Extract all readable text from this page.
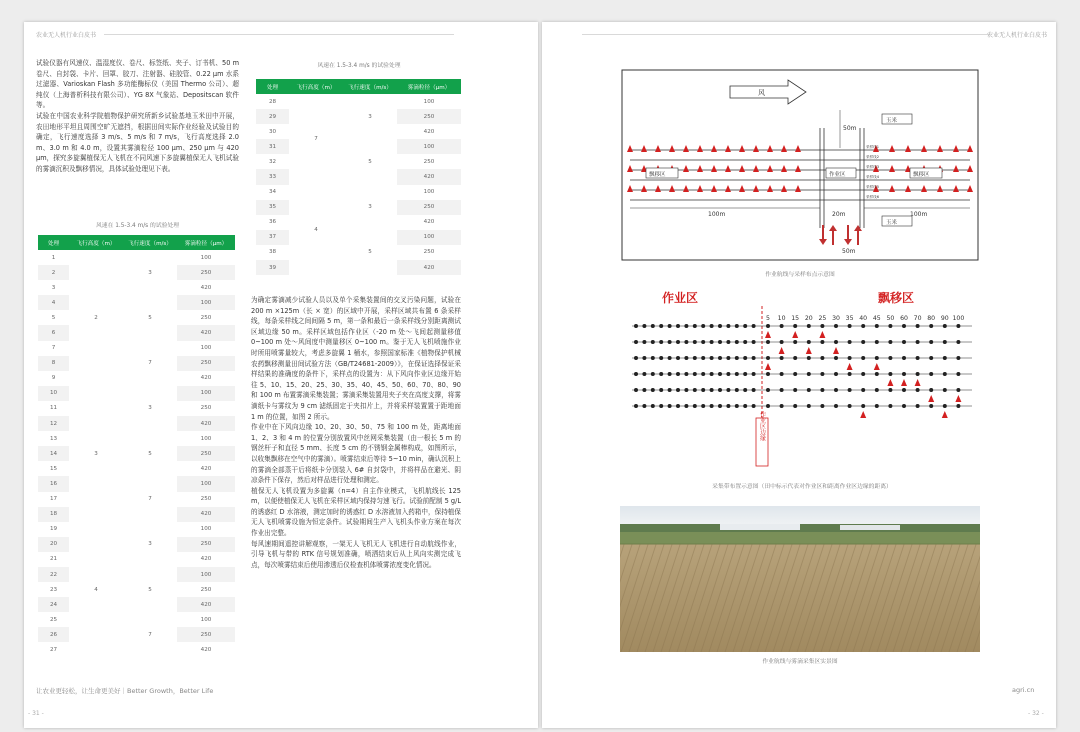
农业无人机行业白皮书

试验仪器有风速仪、温湿度仪、卷尺、标签纸、夹子、订书机、50 m 卷尺、自封袋、卡片、回罩、胶刀、注射器、硅胶管、0.22 μm 水系过滤器、Varioskan Flash 多功能酶标仪（美国 Thermo 公司）、超纯仪（上海普析科技有限公司）、YG 8X 气象站、Depositscan 软件等。

试验在中国农业科学院植物保护研究所新乡试验基地玉米田中开展，农田地形平坦且周围空旷无遮挡，根据田间实际作业经验及试验目的确定，飞行速度选择 3 m/s、5 m/s 和 7 m/s，飞行高度选择 2.0 m、3.0 m 和 4.0 m，设置其雾滴粒径 100 μm、250 μm 与 420 μm，探究多旋翼植保无人飞机在不同风速下多旋翼植保无人飞机试验的雾滴沉积及飘移情况，具体试验处理见下表。

风速在 1.5-3.4 m/s 的试验处理
处理	飞行高度（m）	飞行速度（m/s）	雾滴粒径（μm）
1	2	3	100
2			250
3			420
4		5	100
5			250
6			420
7		7	100
8			250
9			420
10	3	3	100
11			250
12			420
13		5	100
14			250
15			420
16		7	100
17			250
18			420
19	4	3	100
20			250
21			420
22		5	100
23			250
24			420
25		7	100
26			250
27			420
让农业更轻松，让生命更美好｜Better Growth，Better Life
- 31 -
风速在 1.5-3.4 m/s 的试验处理
处理	飞行高度（m）	飞行速度（m/s）	雾滴粒径（μm）
28	7	3	100
29			250
30			420
31		5	100
32			250
33			420
34	4	3	100
35			250
36			420
37		5	100
38			250
39			420

为确定雾滴减少试验人员以及单个采集装置间的交叉污染问题，试验在 200 m ×125m（长 × 宽）的区域中开展，采样区域共布置 6 条采样线，每条采样线之间间隔 5 m，第一条和最后一条采样线分别距离测试区域边缘 50 m。采样区域包括作业区（-20 m 处～飞间起测量移值 0~100 m 处～风间度中测量移区 0~100 m。鉴于无人飞机喷施作业时所用喷雾量较大，考虑多旋翼 1 桶水，参照国家标准《植物保护机械 农药飘移测量田间试验方法（GB/T24681-2009）》，在保证选择保证采样结果的准确度的条件下，采样点的设置为：从下风向作业区边缘开始往 5、10、15、20、25、30、35、40、45、50、60、70、80、90 和 100 m 布置雾滴采集装置；雾滴采集装置用夹子夹在高度支撑，将雾滴纸卡与雾纹为 9 cm 滤纸固定于夹扣片上，并将采样装置置于距地面 1 m 的位置，如图 2 所示。

作业中在下风向边缘 10、20、30、50、75 和 100 m 处，距离地面 1、2、3 和 4 m 的位置分别放置风中丝网采集装置（由一根长 5 m 的钢丝杆子和直径 5 mm、长度 5 cm 的不锈钢金属棒构成，如图所示，以收集飘移在空气中的雾滴）。喷雾结束后等待 5~10 min，确认沉积上的雾滴全部蒸干后将纸卡分别装入 6# 自封袋中，并将样品在避光、阴凉条件下保存，然后对样品进行处理和测定。

植保无人飞机设置为多旋翼（n=4）自主作业模式，飞机航线长 125 m，以便使植保无人飞机在采样区域内保持匀速飞行。试验前配制 5 g/L 的诱惑红 D 水溶液，测定加时的诱惑红 D 水溶液加入药箱中，保持植保无人飞机喷雾设施为恒定条件。试验期间生产入飞机头作业方案在每次作业出完整。

每风速期间遥控讲解观察，一架无人飞机无人飞机进行自动航线作业，引导飞机与带的 RTK 信号规划准确，喷洒结束后从上风向实测完成飞点，每次喷雾结束后使用渗透后仪检查机体喷雾浓度变化情况。

农业无人机行业白皮书
风
玉米
飘移区	作业区	飘移区
玉米
采样线1
采样线2
采样线3
采样线4
采样线5
采样线6
50m
100m	20m	100m
50m
作业航线与采样布点示意图
作业区	飘移区
5 10 15 20 25 30 35 40 45 50 60 70 80 90 100
作业区边缘
采集带布置示意图（田中标示代表对作业区和距离作业区边缘的距离）
作业航线与雾滴采集区实景图
agri.cn
- 32 -
